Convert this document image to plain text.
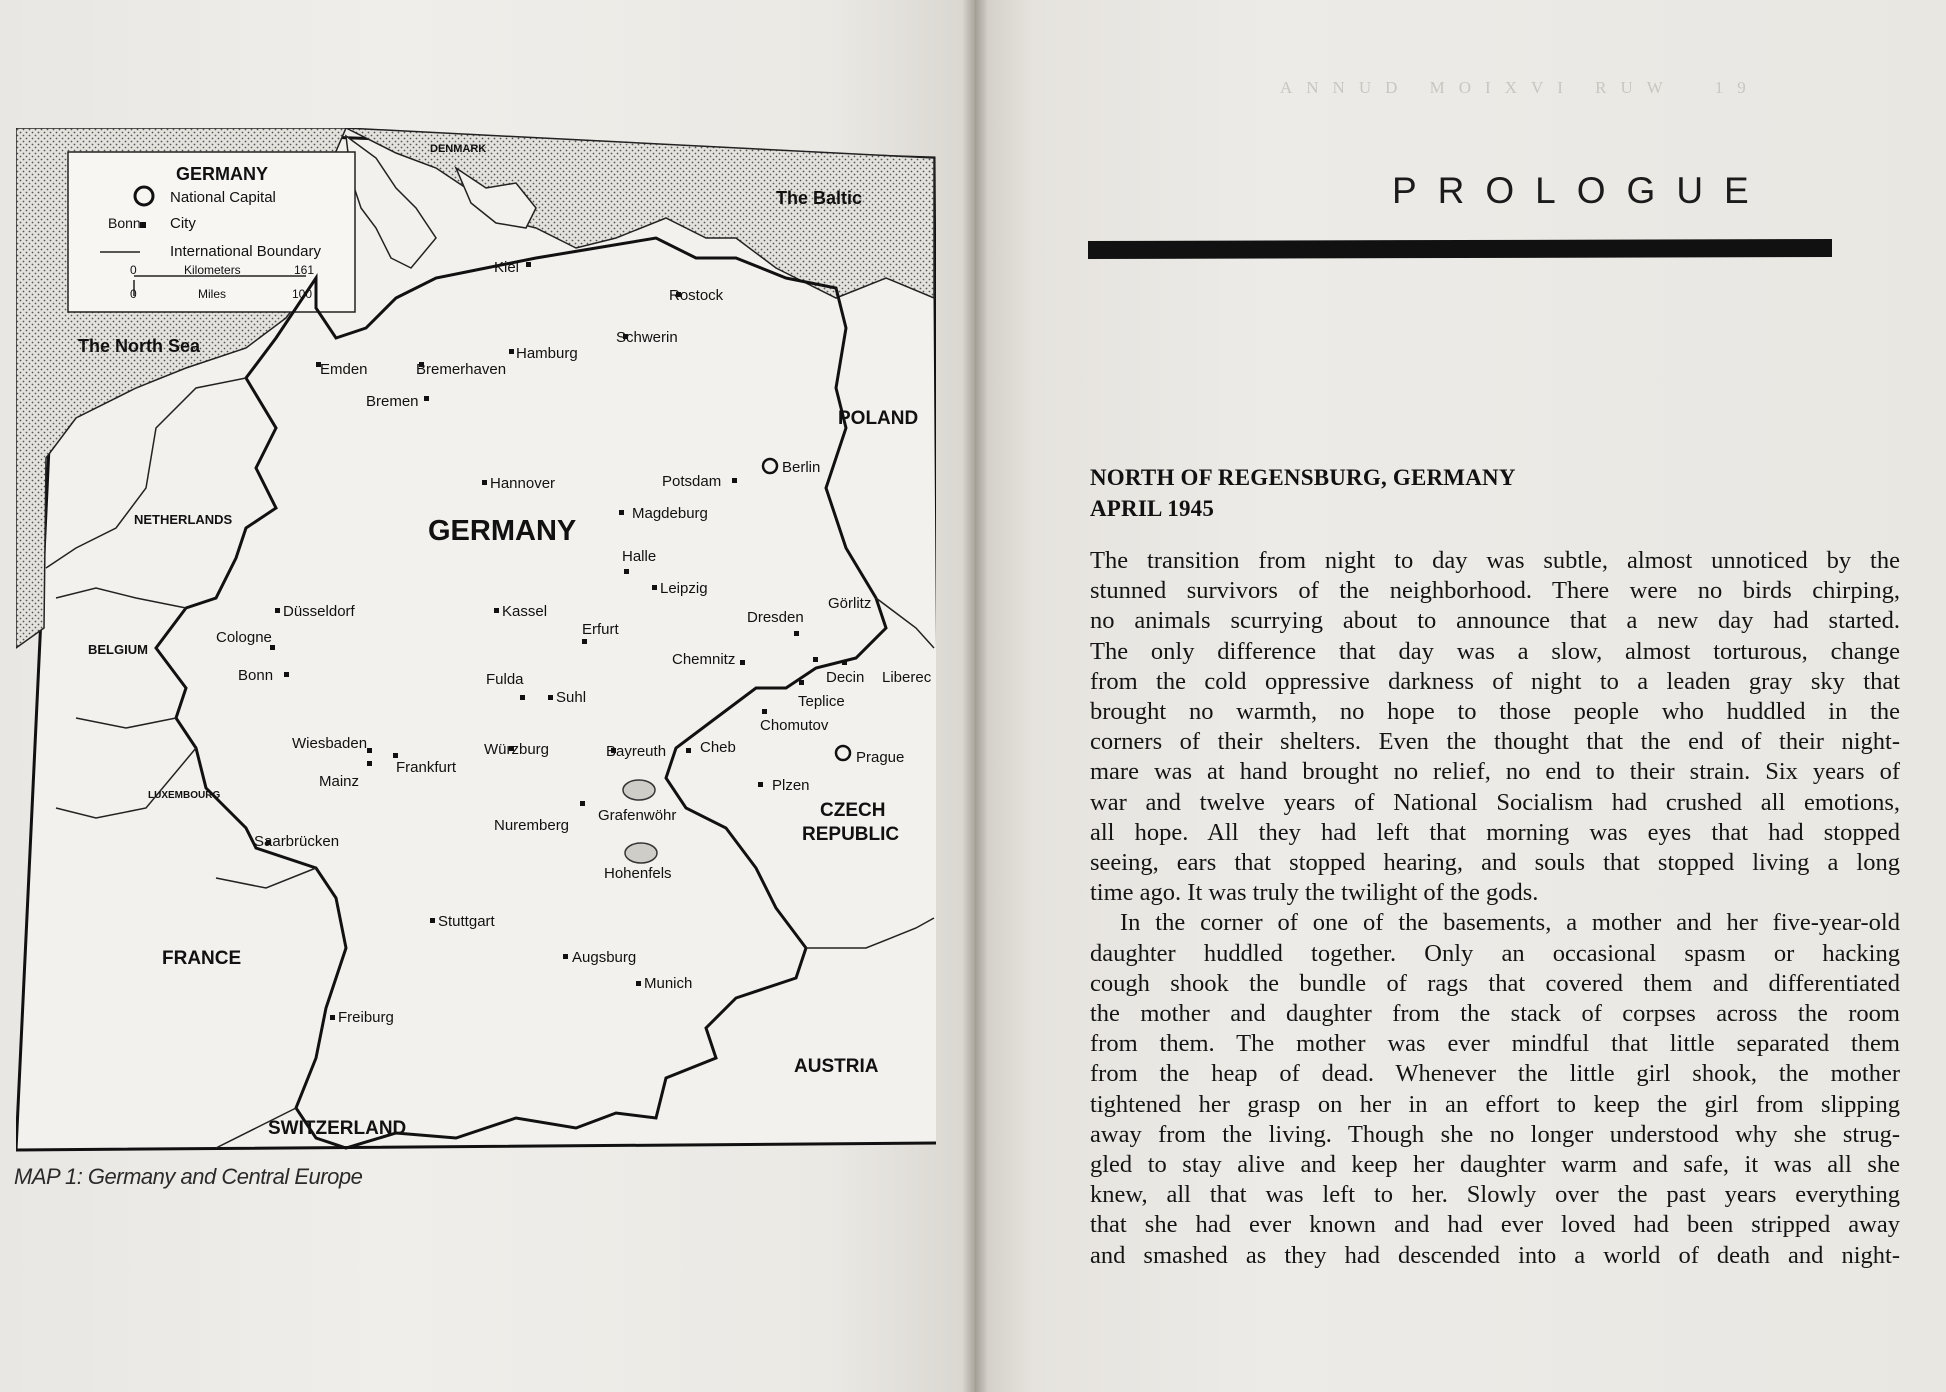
GERMANY
National Capital
Bonn City
International Boundary
0	Kilometers	161
0	Miles	100
The North Sea
The Baltic
DENMARK
GERMANY
POLAND
NETHERLANDS
BELGIUM
LUXEMBOURG
FRANCE
SWITZERLAND
AUSTRIA
CZECH
REPUBLIC
Kiel
Rostock
Schwerin
Hamburg
Emden	Bremerhaven
Bremen
Berlin
Hannover	Potsdam
Magdeburg
Halle
Leipzig
Düsseldorf	Kassel
Cologne	Erfurt
Dresden
Görlitz
Bonn
Chemnitz
Decin Liberec
Fulda
Suhl	Teplice
Chomutov
Wiesbaden
Frankfurt
Würzburg	Bayreuth Cheb
Prague
Mainz	Plzen
Grafenwöhr
Nuremberg
Saarbrücken
Hohenfels
Stuttgart
Augsburg
Munich
Freiburg

MAP 1: Germany and Central Europe

ANNUD MOIXVI RUW 19

PROLOGUE

NORTH OF REGENSBURG, GERMANY
APRIL 1945

The transition from night to day was subtle, almost unnoticed by the
stunned survivors of the neighborhood. There were no birds chirping,
no animals scurrying about to announce that a new day had started.
The only difference that day was a slow, almost torturous, change
from the cold oppressive darkness of night to a leaden gray sky that
brought no warmth, no hope to those people who huddled in the
corners of their shelters. Even the thought that the end of their night-
mare was at hand brought no relief, no end to their strain. Six years of
war and twelve years of National Socialism had crushed all emotions,
all hope. All they had left that morning was eyes that had stopped
seeing, ears that stopped hearing, and souls that stopped living a long
time ago. It was truly the twilight of the gods.
In the corner of one of the basements, a mother and her five-year-old
daughter huddled together. Only an occasional spasm or hacking
cough shook the bundle of rags that covered them and differentiated
the mother and daughter from the stack of corpses across the room
from them. The mother was ever mindful that little separated them
from the heap of dead. Whenever the little girl shook, the mother
tightened her grasp on her in an effort to keep the girl from slipping
away from the living. Though she no longer understood why she strug-
gled to stay alive and keep her daughter warm and safe, it was all she
knew, all that was left to her. Slowly over the past years everything
that she had ever known and had ever loved had been stripped away
and smashed as they had descended into a world of death and night-
